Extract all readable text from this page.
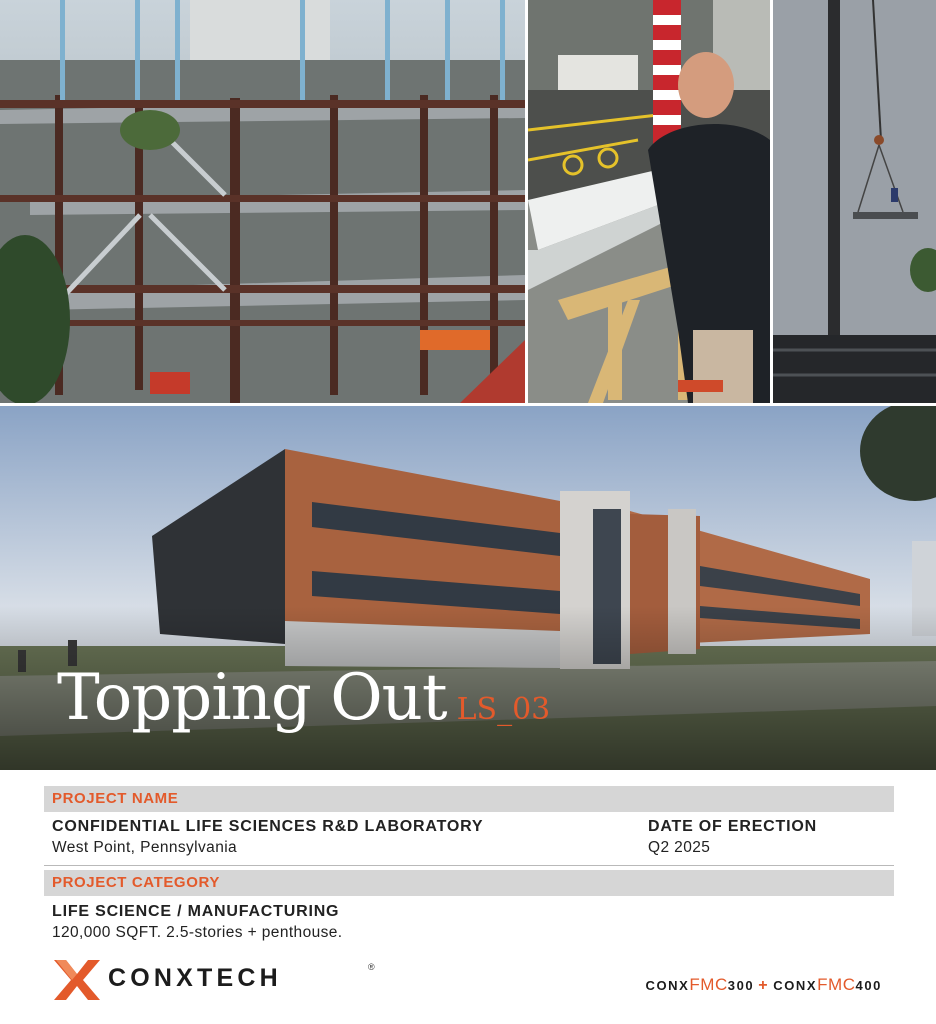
Topping Out LS_03
PROJECT NAME
CONFIDENTIAL LIFE SCIENCES R&D LABORATORY
West Point, Pennsylvania
DATE OF ERECTION
Q2 2025
PROJECT CATEGORY
LIFE SCIENCE / MANUFACTURING
120,000 SQFT. 2.5-stories + penthouse.
CONXTECH	®
CONXFMC300 + CONXFMC400
